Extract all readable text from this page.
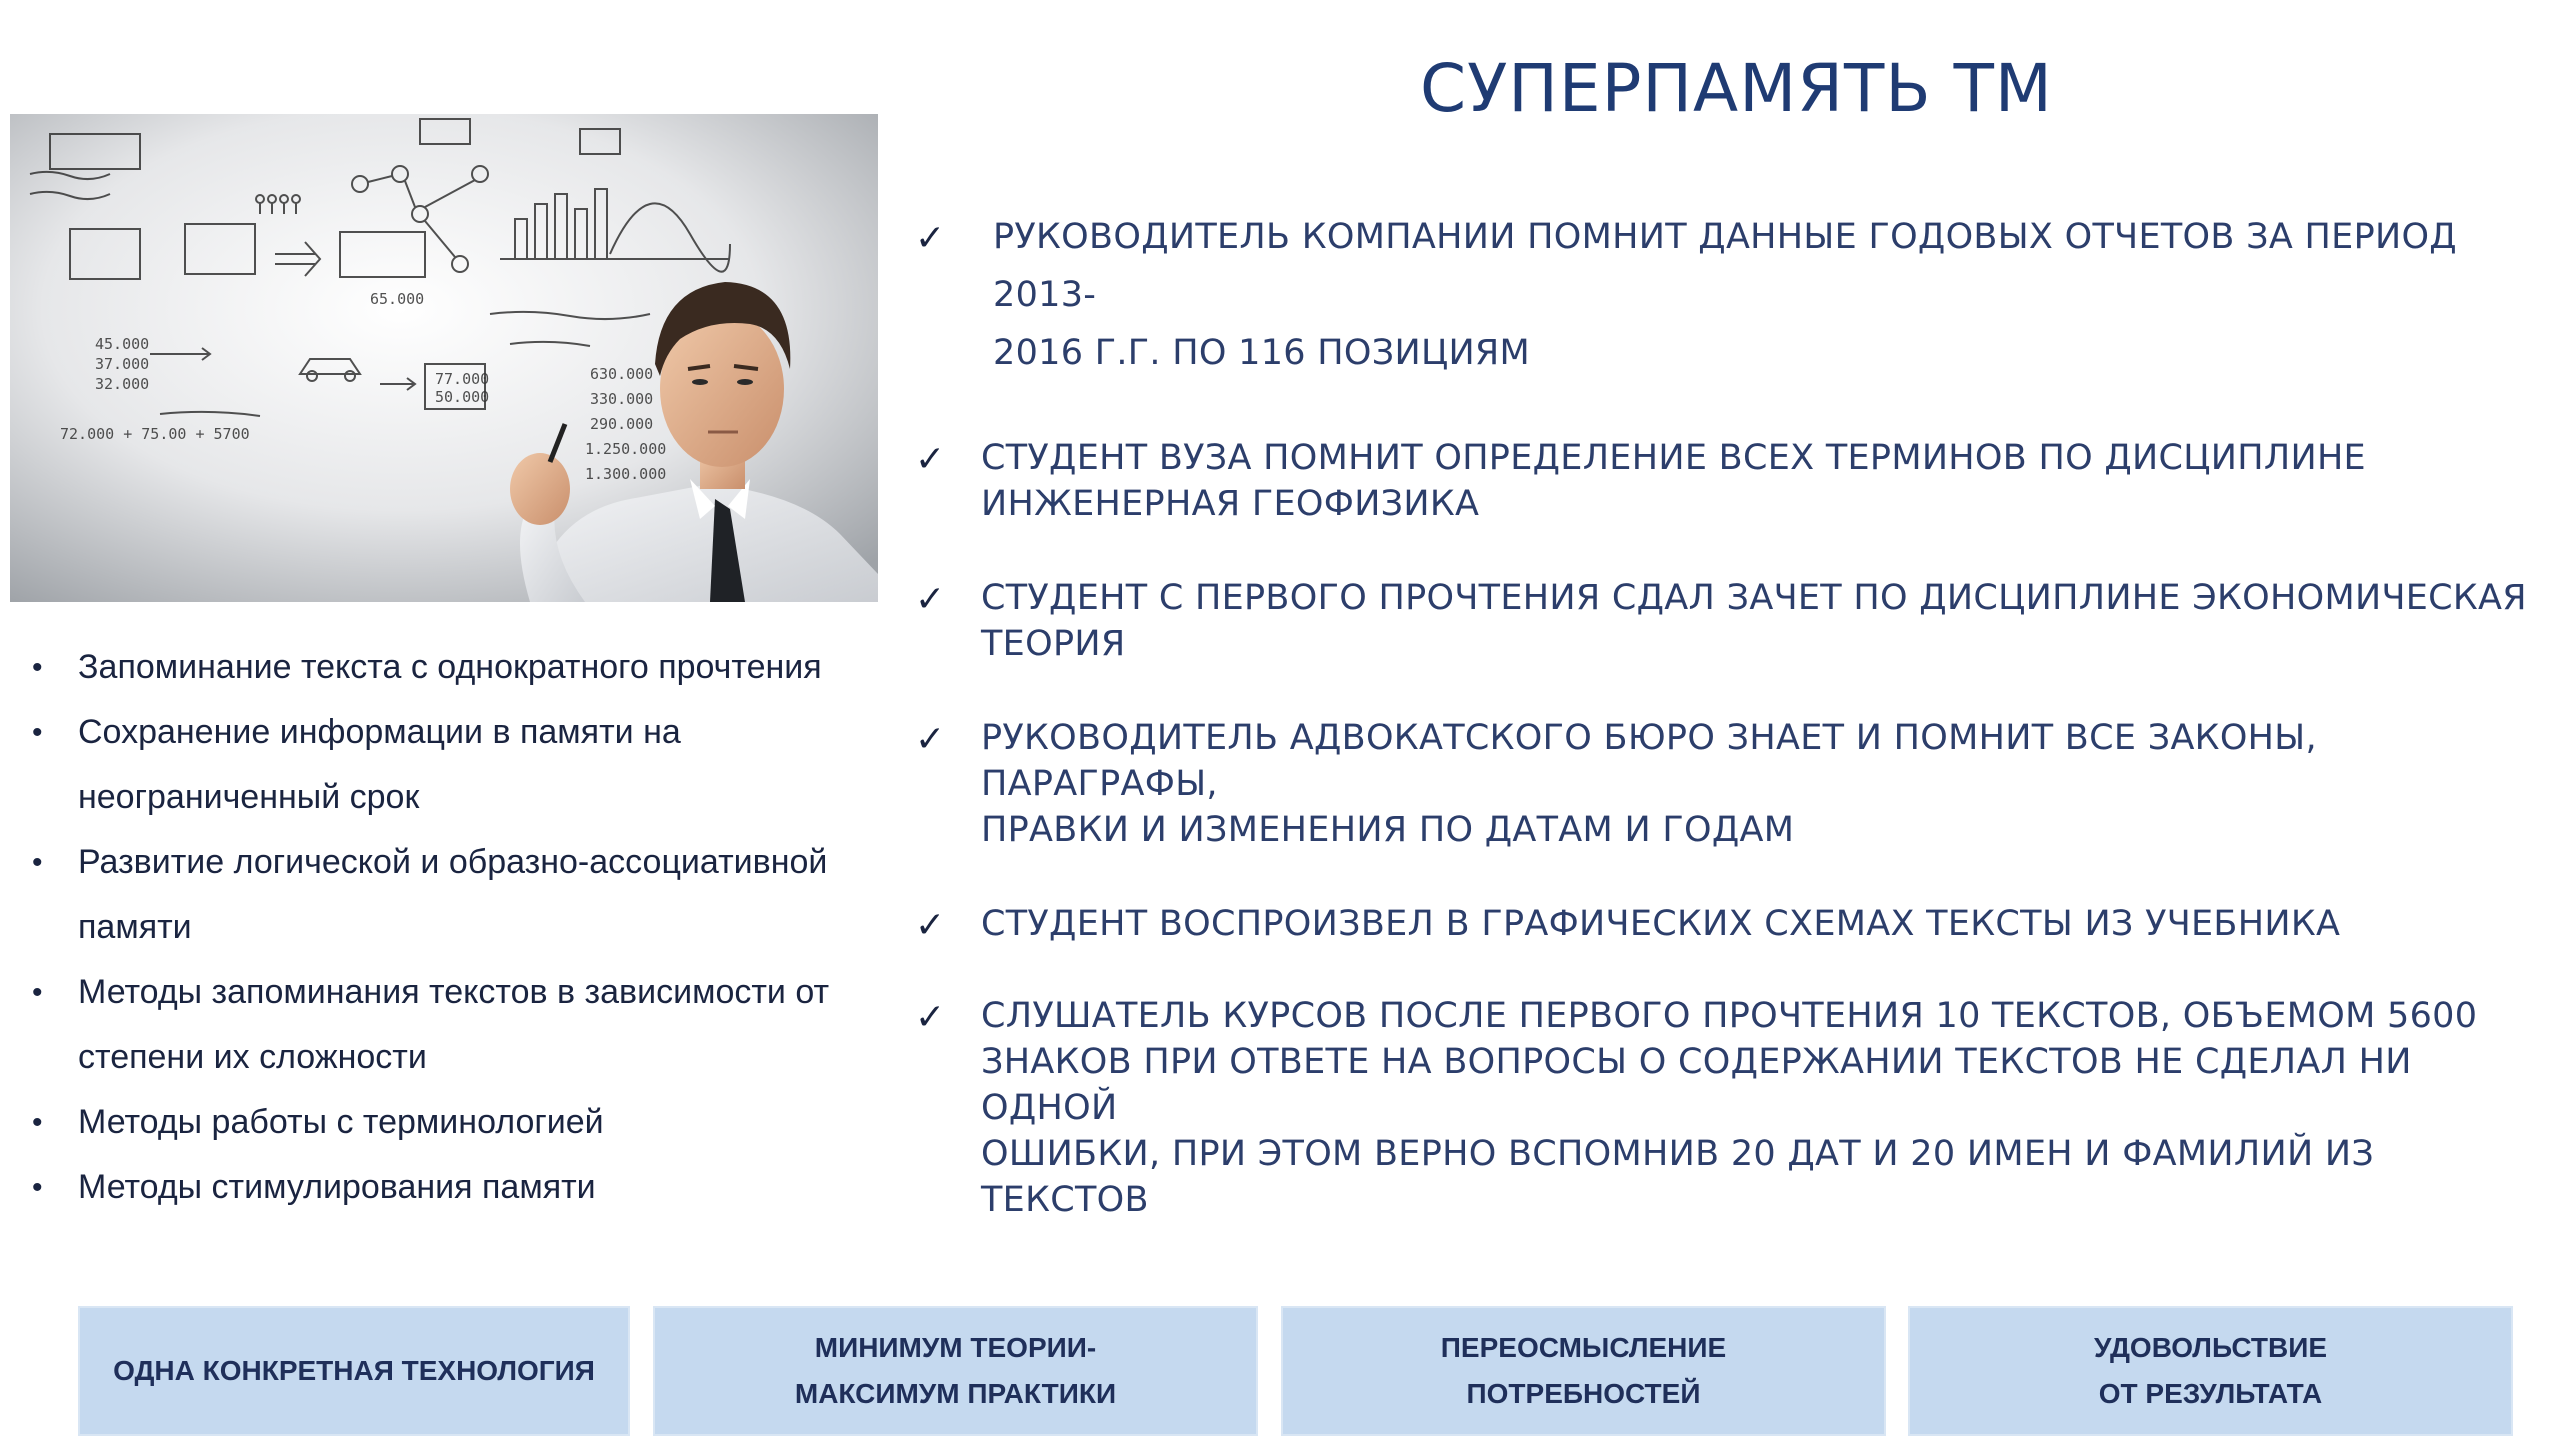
СУПЕРПАМЯТЬ ТМ
45.000
37.000
32.000
72.000 + 75.00 + 5700
630.000
330.000
290.000
1.250.000
1.300.000
77.000
50.000
65.000
• Запоминание текста с однократного прочтения
• Сохранение информации в памяти на
неограниченный срок
• Развитие логической и образно-ассоциативной
памяти
• Методы запоминания текстов в зависимости от
степени их сложности
• Методы работы с терминологией
• Методы стимулирования памяти
✓ РУКОВОДИТЕЛЬ КОМПАНИИ ПОМНИТ ДАННЫЕ ГОДОВЫХ ОТЧЕТОВ ЗА ПЕРИОД 2013-
2016 Г.Г. ПО 116 ПОЗИЦИЯМ
✓ СТУДЕНТ ВУЗА ПОМНИТ ОПРЕДЕЛЕНИЕ ВСЕХ ТЕРМИНОВ ПО ДИСЦИПЛИНЕ
ИНЖЕНЕРНАЯ ГЕОФИЗИКА
✓ СТУДЕНТ С ПЕРВОГО ПРОЧТЕНИЯ СДАЛ ЗАЧЕТ ПО ДИСЦИПЛИНЕ ЭКОНОМИЧЕСКАЯ
ТЕОРИЯ
✓ РУКОВОДИТЕЛЬ АДВОКАТСКОГО БЮРО ЗНАЕТ И ПОМНИТ ВСЕ ЗАКОНЫ, ПАРАГРАФЫ,
ПРАВКИ И ИЗМЕНЕНИЯ ПО ДАТАМ И ГОДАМ
✓ СТУДЕНТ ВОСПРОИЗВЕЛ В ГРАФИЧЕСКИХ СХЕМАХ ТЕКСТЫ ИЗ УЧЕБНИКА
✓ СЛУШАТЕЛЬ КУРСОВ ПОСЛЕ ПЕРВОГО ПРОЧТЕНИЯ 10 ТЕКСТОВ, ОБЪЕМОМ 5600
ЗНАКОВ ПРИ ОТВЕТЕ НА ВОПРОСЫ О СОДЕРЖАНИИ ТЕКСТОВ НЕ СДЕЛАЛ НИ ОДНОЙ
ОШИБКИ, ПРИ ЭТОМ ВЕРНО ВСПОМНИВ 20 ДАТ И 20 ИМЕН И ФАМИЛИЙ ИЗ ТЕКСТОВ
ОДНА КОНКРЕТНАЯ ТЕХНОЛОГИЯ
МИНИМУМ ТЕОРИИ-
МАКСИМУМ ПРАКТИКИ
ПЕРЕОСМЫСЛЕНИЕ
ПОТРЕБНОСТЕЙ
УДОВОЛЬСТВИЕ
ОТ РЕЗУЛЬТАТА
